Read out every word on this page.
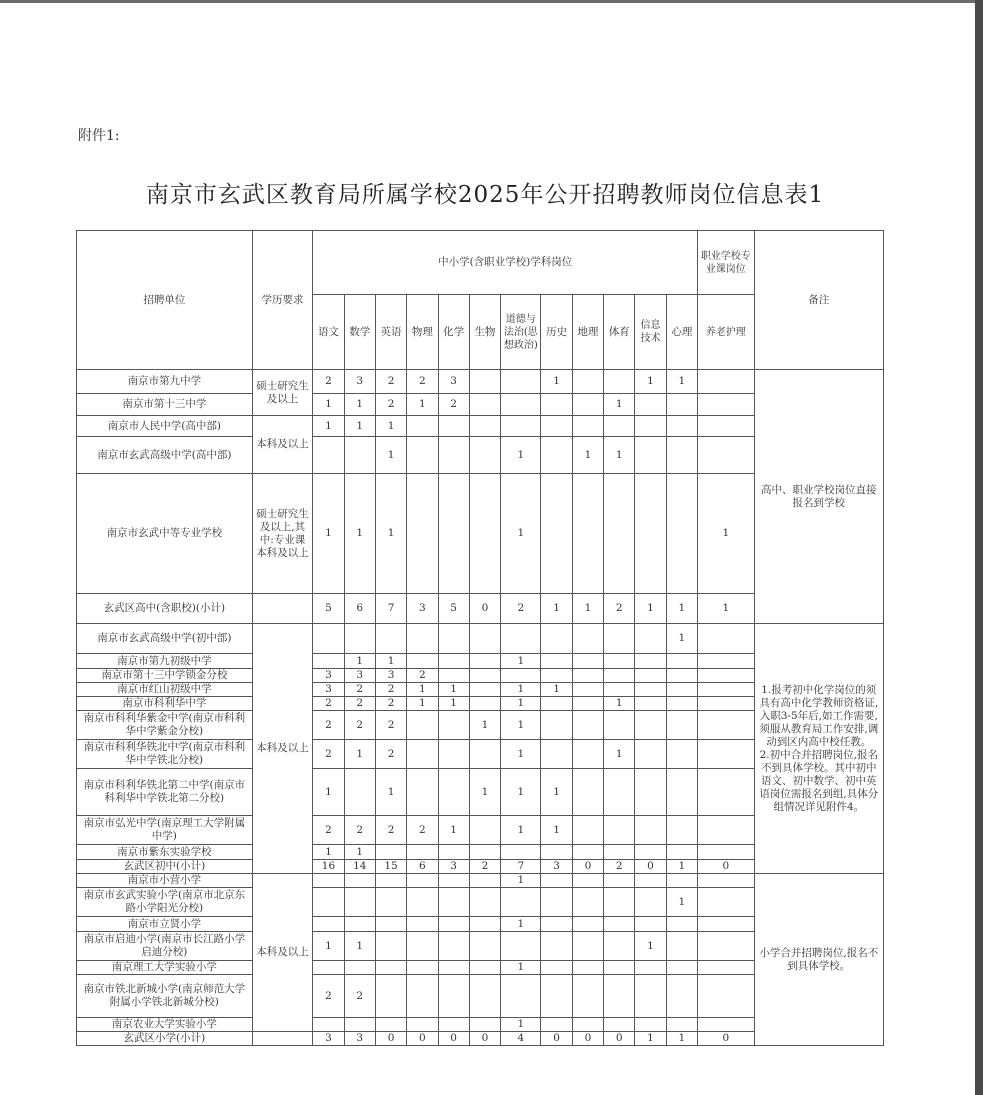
附件1:
南京市玄武区教育局所属学校2025年公开招聘教师岗位信息表1
招聘单位	学历要求	中小学(含职业学校)学科岗位												职业学校专业课岗位	备注
		语文	数学	英语	物理	化学	生物	道德与法治(思想政治)	历史	地理	体育	信息技术	心理	养老护理	
南京市第九中学	硕士研究生及以上	2	3	2	2	3			1			1	1		高中、职业学校岗位直接报名到学校
南京市第十三中学		1	1	2	1	2					1				
南京市人民中学(高中部)	本科及以上	1	1	1											
南京市玄武高级中学(高中部)				1				1		1	1				
南京市玄武中等专业学校	硕士研究生及以上,其中:专业课本科及以上	1	1	1				1						1	
玄武区高中(含职校)(小计)		5	6	7	3	5	0	2	1	1	2	1	1	1	
南京市玄武高级中学(初中部)	本科及以上												1		1.报考初中化学岗位的须具有高中化学教师资格证,入职3-5年后,如工作需要,须服从教育局工作安排,调动到区内高中校任教。
2.初中合并招聘岗位,报名不到具体学校。其中初中语文、初中数学、初中英语岗位需报名到组,具体分组情况详见附件4。
南京市第九初级中学			1	1				1							
南京市第十三中学锁金分校		3	3	3	2										
南京市红山初级中学		3	2	2	1	1		1	1						
南京市科利华中学		2	2	2	1	1		1			1				
南京市科利华紫金中学(南京市科利华中学紫金分校)		2	2	2			1	1							
南京市科利华铁北中学(南京市科利华中学铁北分校)		2	1	2				1			1				
南京市科利华铁北第二中学(南京市科利华中学铁北第二分校)		1		1			1	1	1						
南京市弘光中学(南京理工大学附属中学)		2	2	2	2	1		1	1						
南京市紫东实验学校		1	1												
玄武区初中(小计)		16	14	15	6	3	2	7	3	0	2	0	1	0	
南京市小营小学	本科及以上							1							小学合并招聘岗位,报名不到具体学校。
南京市玄武实验小学(南京市北京东路小学阳光分校)													1		
南京市立贤小学								1							
南京市启迪小学(南京市长江路小学启迪分校)		1	1									1			
南京理工大学实验小学								1							
南京市铁北新城小学(南京师范大学附属小学铁北新城分校)		2	2												
南京农业大学实验小学								1							
玄武区小学(小计)		3	3	0	0	0	0	4	0	0	0	1	1	0	
